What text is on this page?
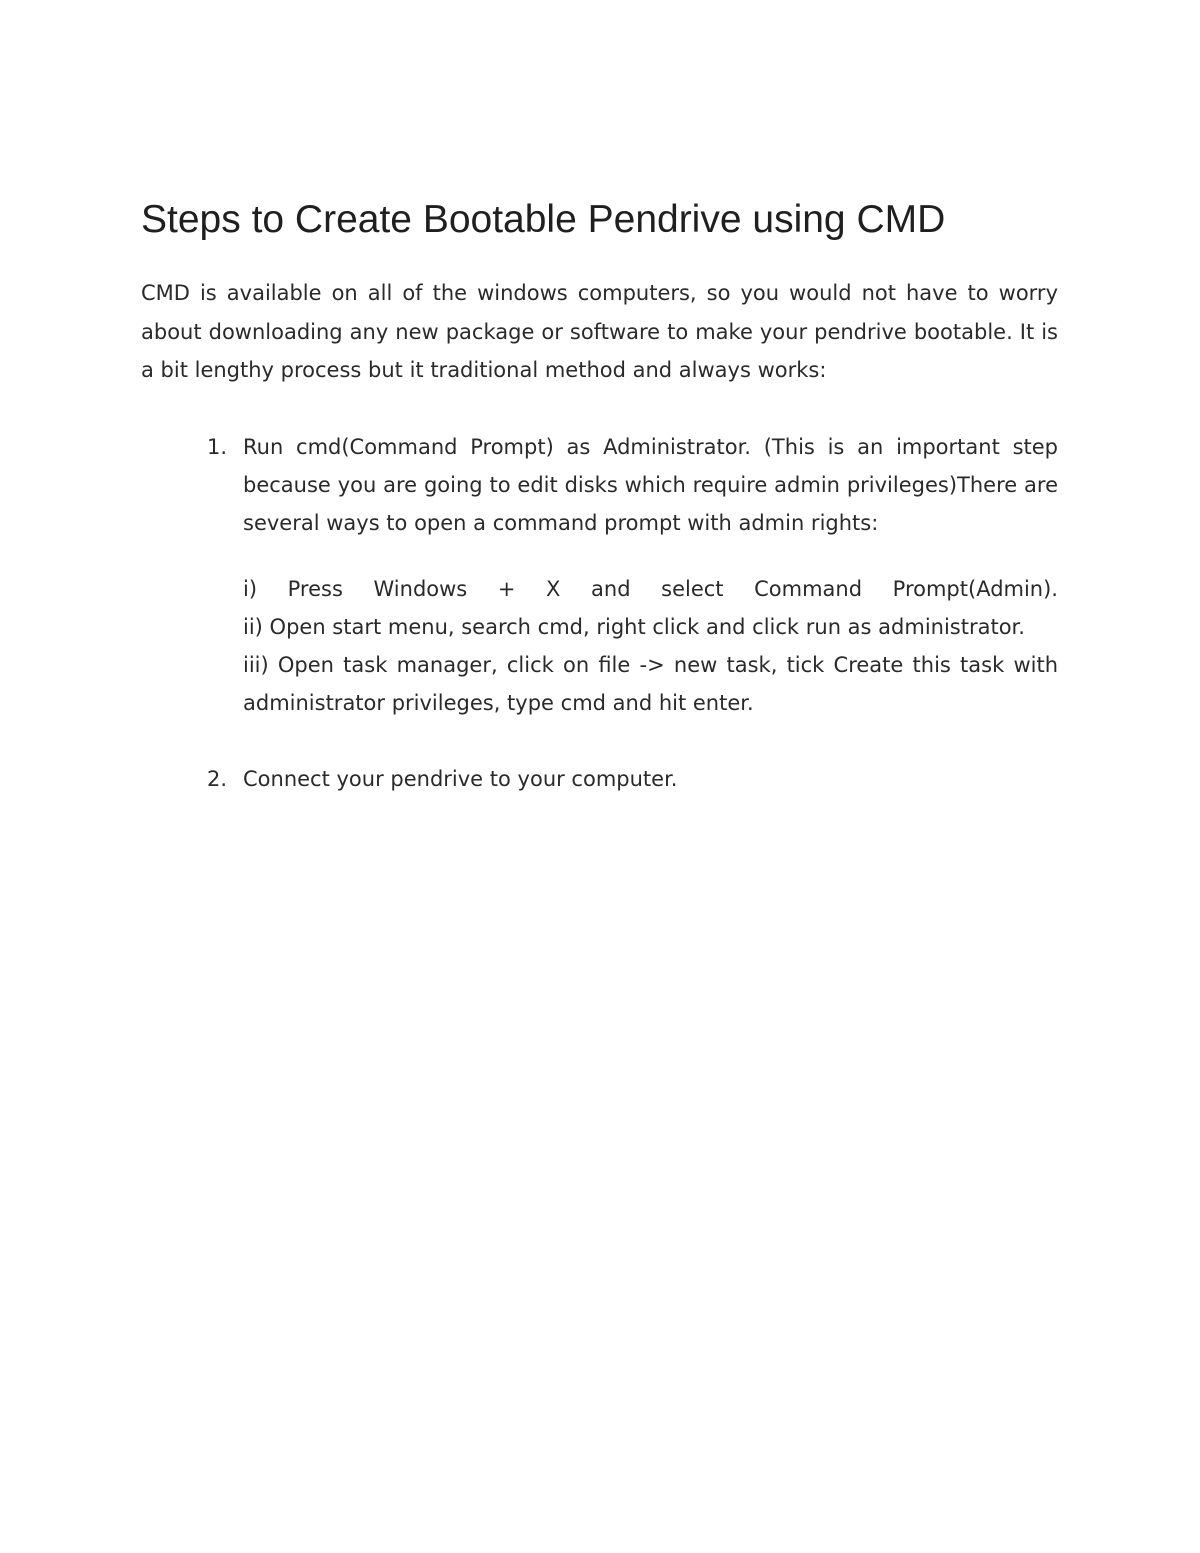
Steps to Create Bootable Pendrive using CMD

CMD is available on all of the windows computers, so you would not have to worry about downloading any new package or software to make your pendrive bootable. It is a bit lengthy process but it traditional method and always works:

1. Run cmd(Command Prompt) as Administrator. (This is an important step because you are going to edit disks which require admin privileges)There are several ways to open a command prompt with admin rights:

i) Press Windows + X and select Command Prompt(Admin).
ii) Open start menu, search cmd, right click and click run as administrator.
iii) Open task manager, click on file -> new task, tick Create this task with administrator privileges, type cmd and hit enter.
2. Connect your pendrive to your computer.
